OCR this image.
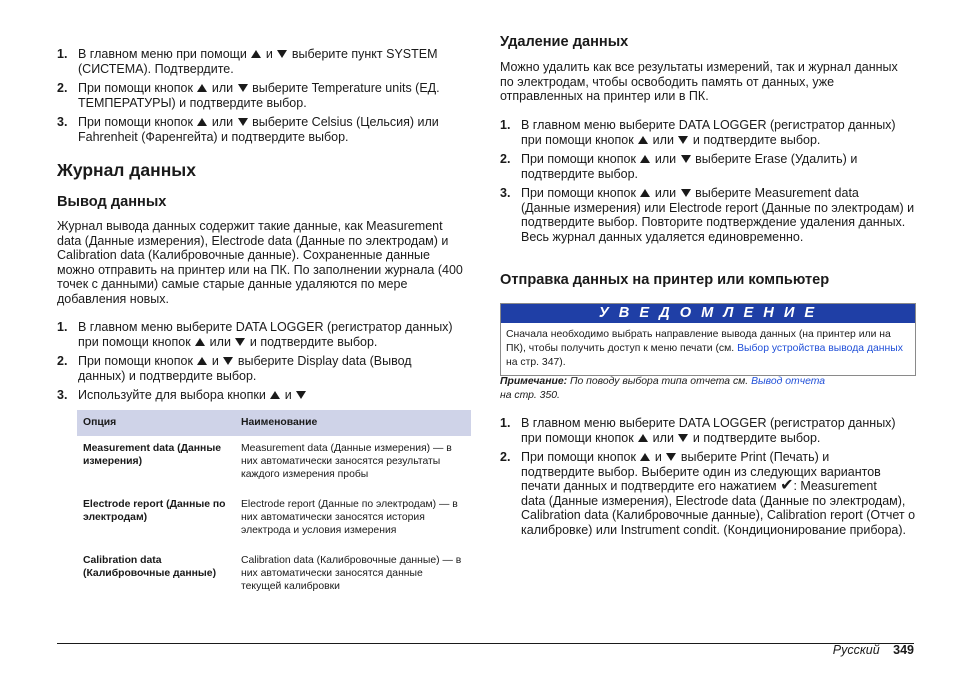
1. В главном меню при помощи и выберите пункт SYSTEM
(СИСТЕМА). Подтвердите.
2. При помощи кнопок или выберите Temperature units (ЕД.
ТЕМПЕРАТУРЫ) и подтвердите выбор.
3. При помощи кнопок или выберите Celsius (Цельсия) или
Fahrenheit (Фаренгейта) и подтвердите выбор.
Журнал данных
Вывод данных

Журнал вывода данных содержит такие данные, как Measurement data (Данные измерения), Electrode data (Данные по электродам) и Calibration data (Калибровочные данные). Сохраненные данные можно отправить на принтер или на ПК. По заполнении журнала (400 точек с данными) самые старые данные удаляются по мере добавления новых.

1. В главном меню выберите DATA LOGGER (регистратор данных)
при помощи кнопок или и подтвердите выбор.
2. При помощи кнопок и выберите Display data (Вывод
данных) и подтвердите выбор.
3. Используйте для выбора кнопки и
Опция	Наименование
Measurement data (Данные измерения)	Measurement data (Данные измерения) — в них автоматически заносятся результаты каждого измерения пробы
Electrode report (Данные по электродам)	Electrode report (Данные по электродам) — в них автоматически заносятся история электрода и условия измерения
Calibration data (Калибровочные данные)	Calibration data (Калибровочные данные) — в них автоматически заносятся данные текущей калибровки
Удаление данных

Можно удалить как все результаты измерений, так и журнал данных по электродам, чтобы освободить память от данных, уже отправленных на принтер или в ПК.

1. В главном меню выберите DATA LOGGER (регистратор данных)
при помощи кнопок или и подтвердите выбор.
2. При помощи кнопок или выберите Erase (Удалить) и
подтвердите выбор.
3. При помощи кнопок или выберите Measurement data
(Данные измерения) или Electrode report (Данные по электродам) и подтвердите выбор. Повторите подтверждение удаления данных.
Весь журнал данных удаляется единовременно.
Отправка данных на принтер или компьютер
У В Е Д О М Л Е Н И Е
Сначала необходимо выбрать направление вывода данных (на принтер или на ПК), чтобы получить доступ к меню печати (см. Выбор устройства вывода данных на стр. 347).
Примечание: По поводу выбора типа отчета см. Вывод отчета
на стр. 350.
1. В главном меню выберите DATA LOGGER (регистратор данных)
при помощи кнопок или и подтвердите выбор.
2. При помощи кнопок и выберите Print (Печать) и
подтвердите выбор. Выберите один из следующих вариантов
печати данных и подтвердите его нажатием ✔: Measurement
data (Данные измерения), Electrode data (Данные по электродам), Calibration data (Калибровочные данные), Calibration report (Отчет о калибровке) или Instrument condit. (Кондиционирование прибора).
Русский 349
